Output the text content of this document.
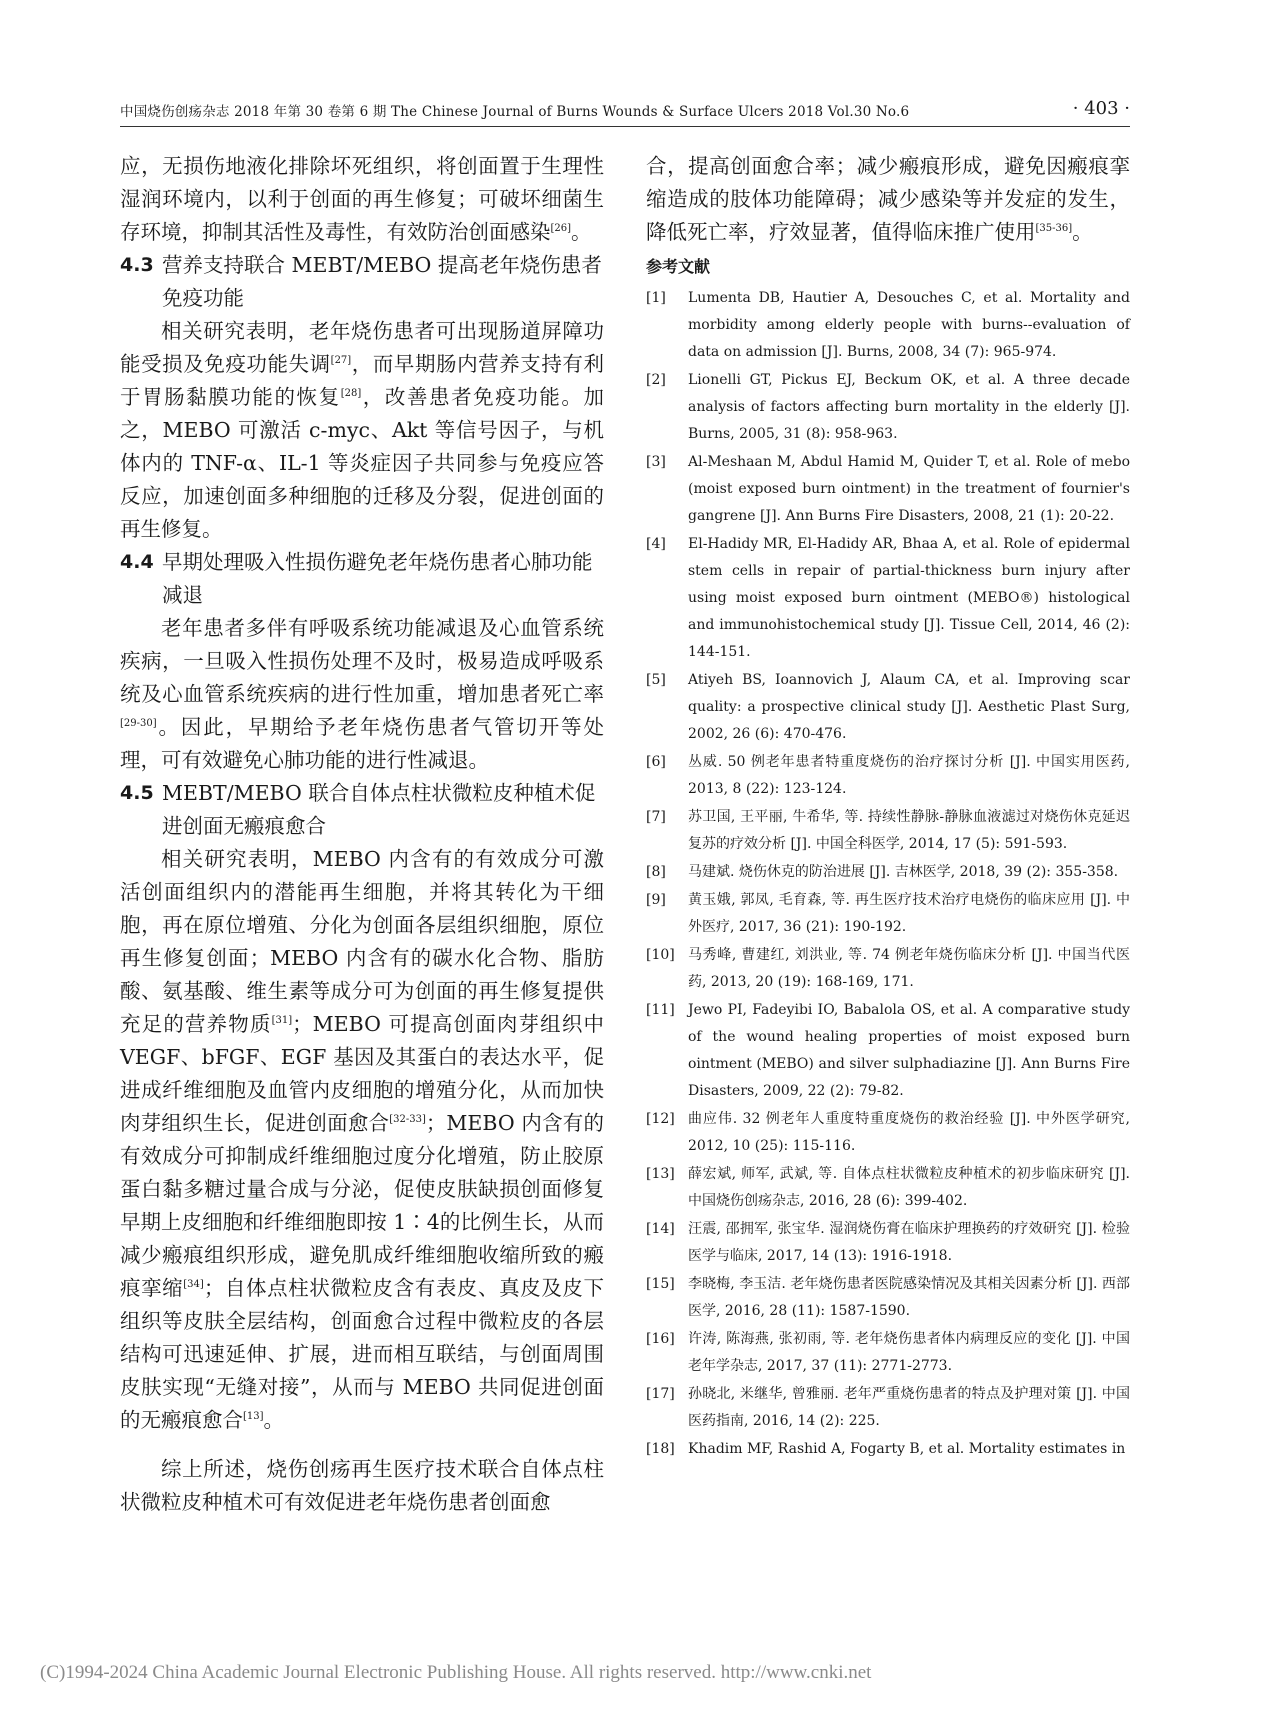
中国烧伤创疡杂志 2018 年第 30 卷第 6 期 The Chinese Journal of Burns Wounds & Surface Ulcers 2018 Vol.30 No.6	· 403 ·

应，无损伤地液化排除坏死组织，将创面置于生理性湿润环境内，以利于创面的再生修复；可破坏细菌生存环境，抑制其活性及毒性，有效防治创面感染[26]。

4.3 营养支持联合 MEBT/MEBO 提高老年烧伤患者免疫功能

相关研究表明，老年烧伤患者可出现肠道屏障功能受损及免疫功能失调[27]，而早期肠内营养支持有利于胃肠黏膜功能的恢复[28]，改善患者免疫功能。加之，MEBO 可激活 c-myc、Akt 等信号因子，与机体内的 TNF-α、IL-1 等炎症因子共同参与免疫应答反应，加速创面多种细胞的迁移及分裂，促进创面的再生修复。

4.4 早期处理吸入性损伤避免老年烧伤患者心肺功能减退

老年患者多伴有呼吸系统功能减退及心血管系统疾病，一旦吸入性损伤处理不及时，极易造成呼吸系统及心血管系统疾病的进行性加重，增加患者死亡率[29-30]。因此，早期给予老年烧伤患者气管切开等处理，可有效避免心肺功能的进行性减退。

4.5 MEBT/MEBO 联合自体点柱状微粒皮种植术促进创面无瘢痕愈合

相关研究表明，MEBO 内含有的有效成分可激活创面组织内的潜能再生细胞，并将其转化为干细胞，再在原位增殖、分化为创面各层组织细胞，原位再生修复创面；MEBO 内含有的碳水化合物、脂肪酸、氨基酸、维生素等成分可为创面的再生修复提供充足的营养物质[31]；MEBO 可提高创面肉芽组织中 VEGF、bFGF、EGF 基因及其蛋白的表达水平，促进成纤维细胞及血管内皮细胞的增殖分化，从而加快肉芽组织生长，促进创面愈合[32-33]；MEBO 内含有的有效成分可抑制成纤维细胞过度分化增殖，防止胶原蛋白黏多糖过量合成与分泌，促使皮肤缺损创面修复早期上皮细胞和纤维细胞即按 1∶4的比例生长，从而减少瘢痕组织形成，避免肌成纤维细胞收缩所致的瘢痕挛缩[34]；自体点柱状微粒皮含有表皮、真皮及皮下组织等皮肤全层结构，创面愈合过程中微粒皮的各层结构可迅速延伸、扩展，进而相互联结，与创面周围皮肤实现“无缝对接”，从而与 MEBO 共同促进创面的无瘢痕愈合[13]。

综上所述，烧伤创疡再生医疗技术联合自体点柱状微粒皮种植术可有效促进老年烧伤患者创面愈

合，提高创面愈合率；减少瘢痕形成，避免因瘢痕挛缩造成的肢体功能障碍；减少感染等并发症的发生，降低死亡率，疗效显著，值得临床推广使用[35-36]。

参考文献
[1] Lumenta DB, Hautier A, Desouches C, et al. Mortality and morbidity among elderly people with burns--evaluation of data on admission [J]. Burns, 2008, 34 (7): 965-974.
[2] Lionelli GT, Pickus EJ, Beckum OK, et al. A three decade analysis of factors affecting burn mortality in the elderly [J]. Burns, 2005, 31 (8): 958-963.
[3] Al-Meshaan M, Abdul Hamid M, Quider T, et al. Role of mebo (moist exposed burn ointment) in the treatment of fournier's gangrene [J]. Ann Burns Fire Disasters, 2008, 21 (1): 20-22.
[4] El-Hadidy MR, El-Hadidy AR, Bhaa A, et al. Role of epidermal stem cells in repair of partial-thickness burn injury after using moist exposed burn ointment (MEBO®) histological and immunohistochemical study [J]. Tissue Cell, 2014, 46 (2): 144-151.
[5] Atiyeh BS, Ioannovich J, Alaum CA, et al. Improving scar quality: a prospective clinical study [J]. Aesthetic Plast Surg, 2002, 26 (6): 470-476.
[6] 丛威. 50 例老年患者特重度烧伤的治疗探讨分析 [J]. 中国实用医药, 2013, 8 (22): 123-124.
[7] 苏卫国, 王平丽, 牛希华, 等. 持续性静脉-静脉血液滤过对烧伤休克延迟复苏的疗效分析 [J]. 中国全科医学, 2014, 17 (5): 591-593.
[8] 马建斌. 烧伤休克的防治进展 [J]. 吉林医学, 2018, 39 (2): 355-358.
[9] 黄玉娥, 郭凤, 毛育森, 等. 再生医疗技术治疗电烧伤的临床应用 [J]. 中外医疗, 2017, 36 (21): 190-192.
[10] 马秀峰, 曹建红, 刘洪业, 等. 74 例老年烧伤临床分析 [J]. 中国当代医药, 2013, 20 (19): 168-169, 171.
[11] Jewo PI, Fadeyibi IO, Babalola OS, et al. A comparative study of the wound healing properties of moist exposed burn ointment (MEBO) and silver sulphadiazine [J]. Ann Burns Fire Disasters, 2009, 22 (2): 79-82.
[12] 曲应伟. 32 例老年人重度特重度烧伤的救治经验 [J]. 中外医学研究, 2012, 10 (25): 115-116.
[13] 薛宏斌, 师军, 武斌, 等. 自体点柱状微粒皮种植术的初步临床研究 [J]. 中国烧伤创疡杂志, 2016, 28 (6): 399-402.
[14] 汪震, 邵拥军, 张宝华. 湿润烧伤膏在临床护理换药的疗效研究 [J]. 检验医学与临床, 2017, 14 (13): 1916-1918.
[15] 李晓梅, 李玉洁. 老年烧伤患者医院感染情况及其相关因素分析 [J]. 西部医学, 2016, 28 (11): 1587-1590.
[16] 许涛, 陈海燕, 张初雨, 等. 老年烧伤患者体内病理反应的变化 [J]. 中国老年学杂志, 2017, 37 (11): 2771-2773.
[17] 孙晓北, 米继华, 曾雅丽. 老年严重烧伤患者的特点及护理对策 [J]. 中国医药指南, 2016, 14 (2): 225.
[18] Khadim MF, Rashid A, Fogarty B, et al. Mortality estimates in
(C)1994-2024 China Academic Journal Electronic Publishing House. All rights reserved. http://www.cnki.net
